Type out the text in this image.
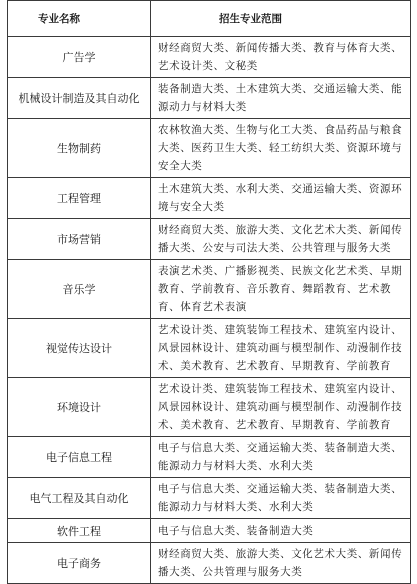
专业名称	招生专业范围
广告学	财经商贸大类、新闻传播大类、教育与体育大类、艺术设计类、文秘类
机械设计制造及其自动化	装备制造大类、土木建筑大类、交通运输大类、能源动力与材料大类
生物制药	农林牧渔大类、生物与化工大类、食品药品与粮食大类、医药卫生大类、轻工纺织大类、资源环境与安全大类
工程管理	土木建筑大类、水利大类、交通运输大类、资源环境与安全大类
市场营销	财经商贸大类、旅游大类、文化艺术大类、新闻传播大类、公安与司法大类、公共管理与服务大类
音乐学	表演艺术类、广播影视类、民族文化艺术类、早期教育、学前教育、音乐教育、舞蹈教育、艺术教育、体育艺术表演
视觉传达设计	艺术设计类、建筑装饰工程技术、建筑室内设计、风景园林设计、建筑动画与模型制作、动漫制作技术、美术教育、艺术教育、早期教育、学前教育
环境设计	艺术设计类、建筑装饰工程技术、建筑室内设计、风景园林设计、建筑动画与模型制作、动漫制作技术、美术教育、艺术教育、早期教育、学前教育
电子信息工程	电子与信息大类、交通运输大类、装备制造大类、能源动力与材料大类、水利大类
电气工程及其自动化	电子与信息大类、交通运输大类、装备制造大类、能源动力与材料大类、水利大类
软件工程	电子与信息大类、装备制造大类
电子商务	财经商贸大类、旅游大类、文化艺术大类、新闻传播大类、公共管理与服务大类
